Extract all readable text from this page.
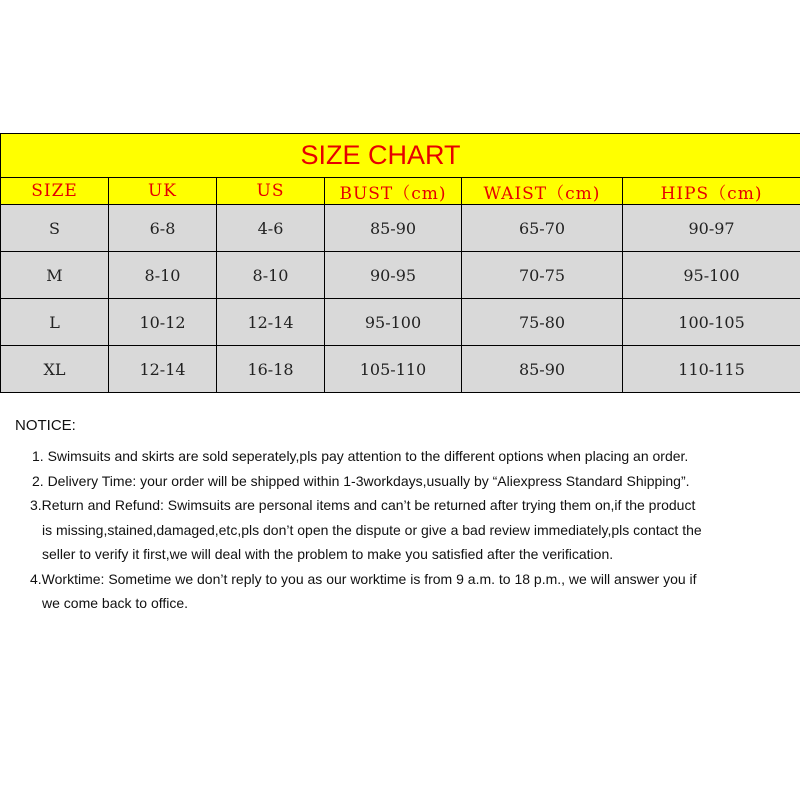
SIZE CHART					
SIZE	UK	US	BUST（cm)	WAIST（cm)	HIPS（cm)
S	6-8	4-6	85-90	65-70	90-97
M	8-10	8-10	90-95	70-75	95-100
L	10-12	12-14	95-100	75-80	100-105
XL	12-14	16-18	105-110	85-90	110-115
NOTICE:
1. Swimsuits and skirts are sold seperately,pls pay attention to the different options when placing an order.
2. Delivery Time: your order will be shipped within 1-3workdays,usually by “Aliexpress Standard Shipping”.
3.Return and Refund: Swimsuits are personal items and can’t be returned after trying them on,if the product
is missing,stained,damaged,etc,pls don’t open the dispute or give a bad review immediately,pls contact the
seller to verify it first,we will deal with the problem to make you satisfied after the verification.
4.Worktime: Sometime we don’t reply to you as our worktime is from 9 a.m. to 18 p.m., we will answer you if
we come back to office.
